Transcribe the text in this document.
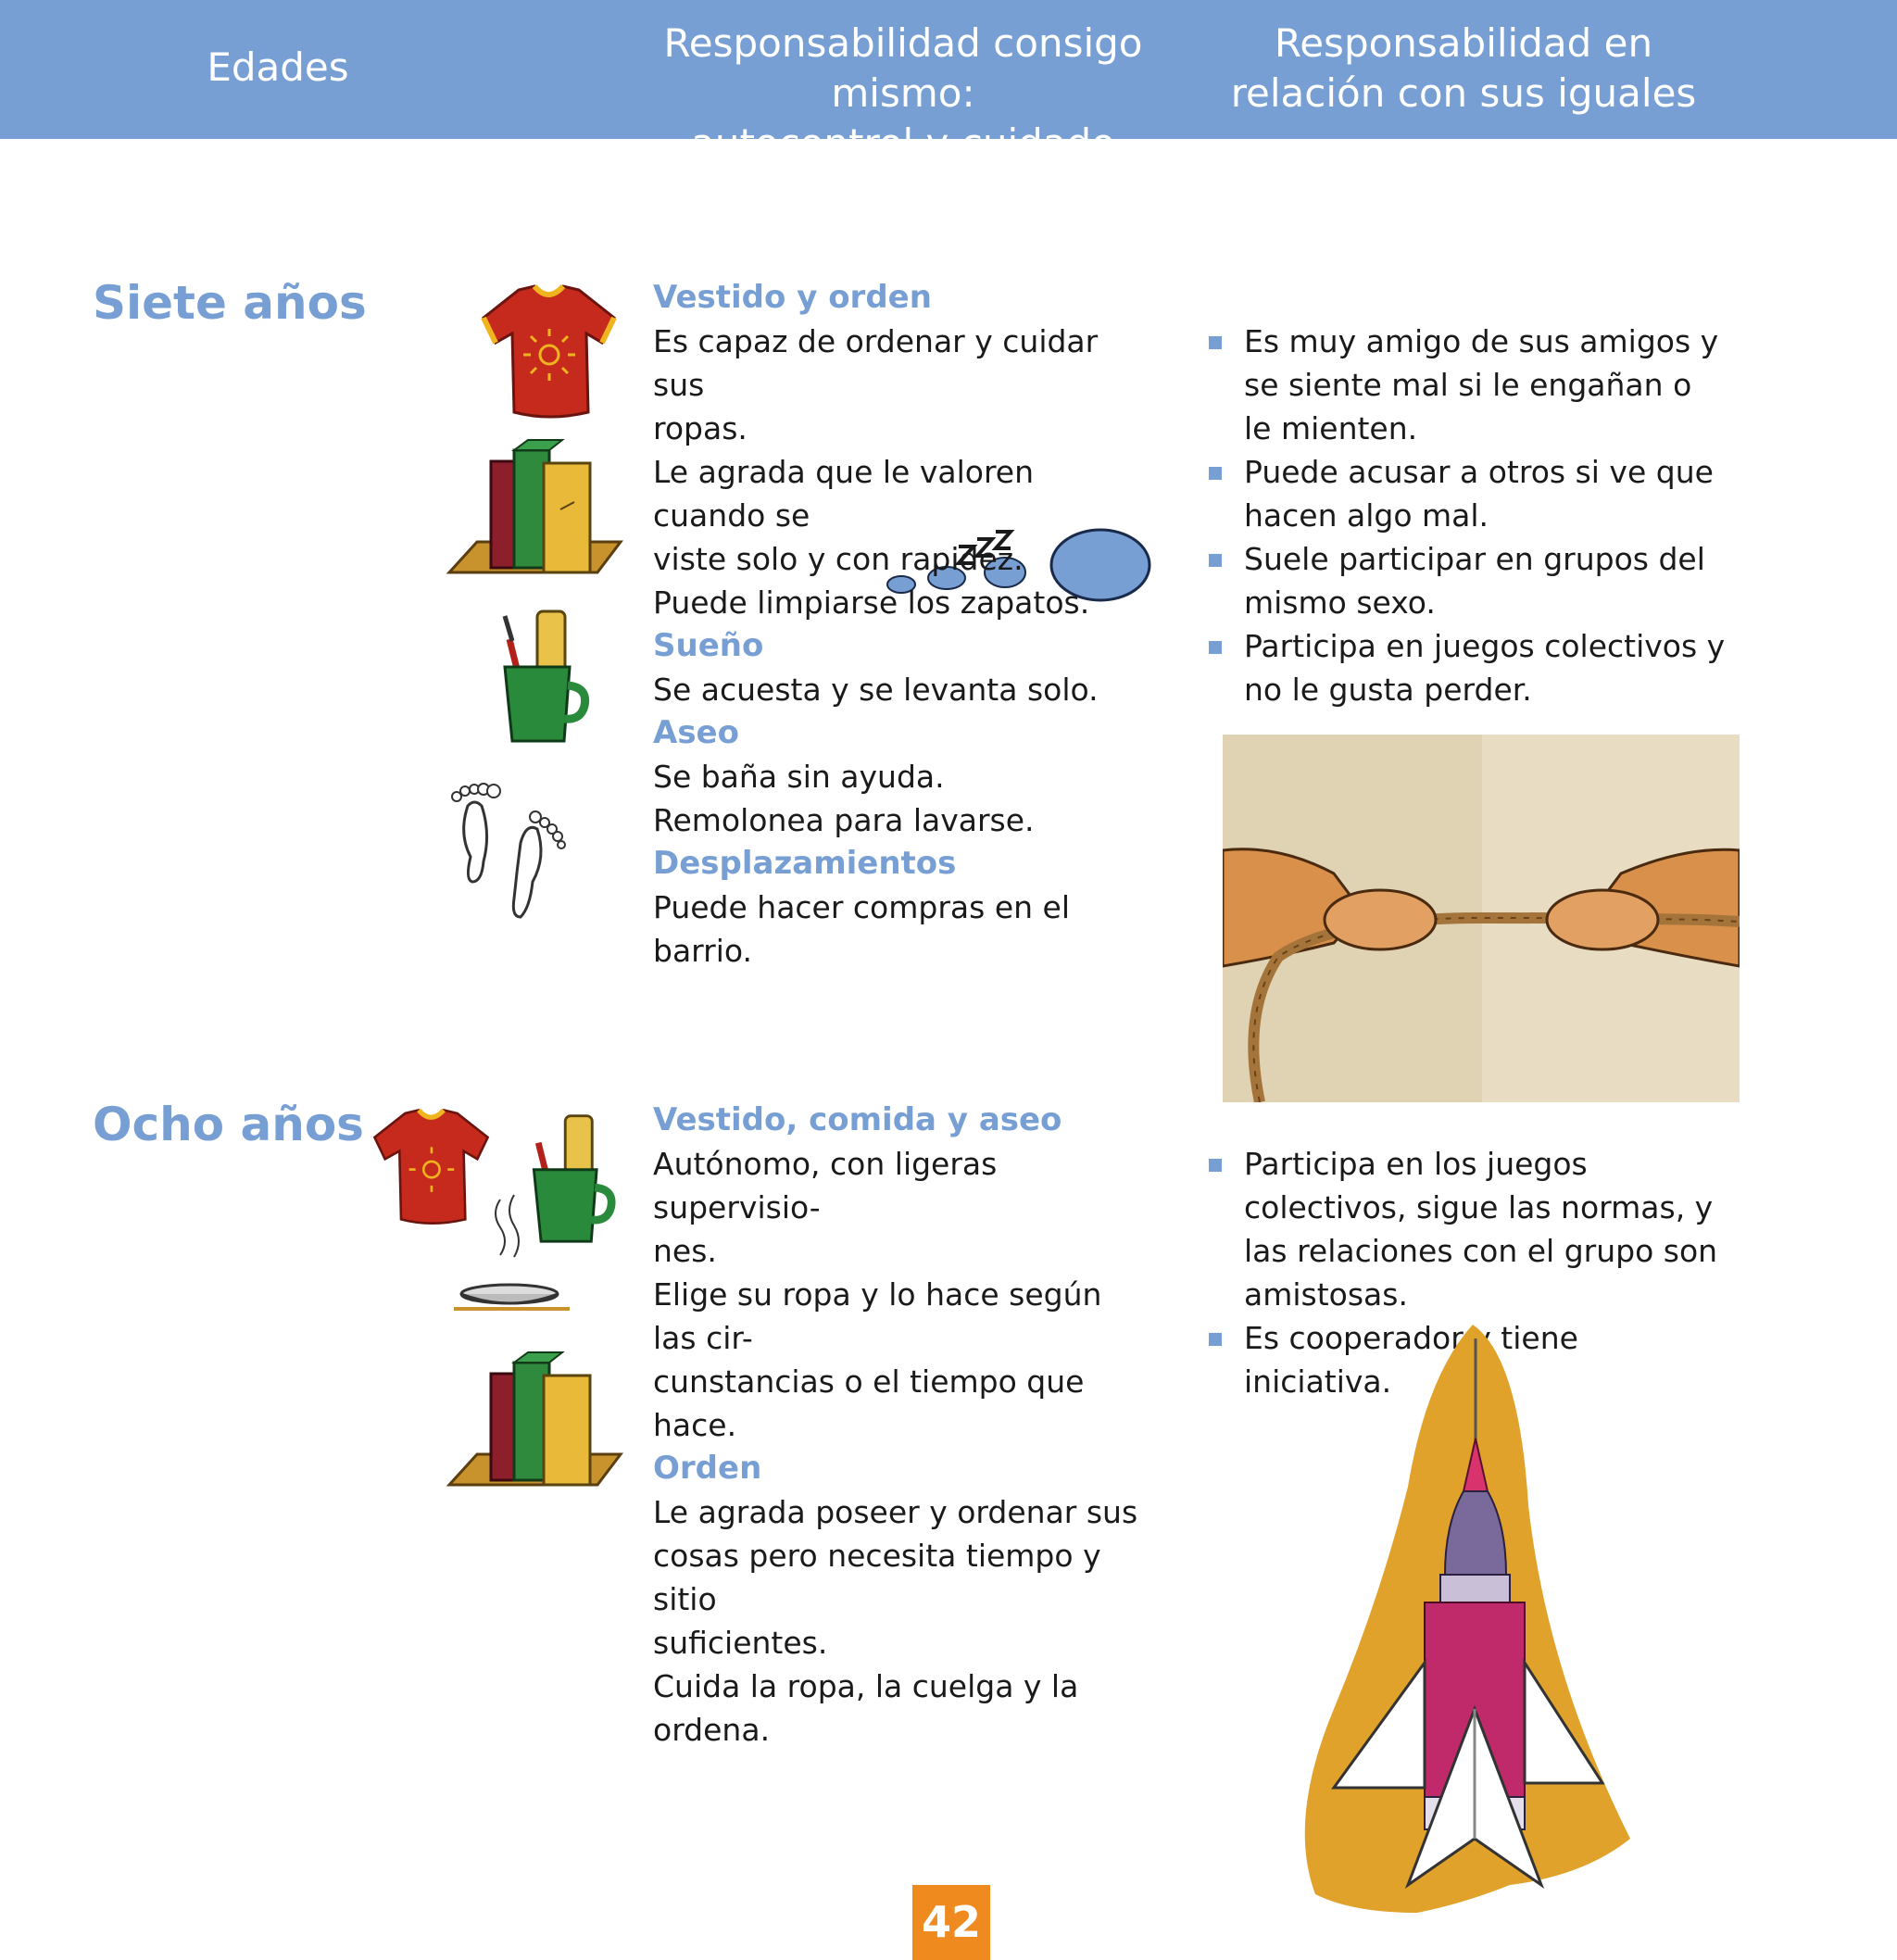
Edades
Responsabilidad consigo mismo:
autocontrol y cuidado
Responsabilidad en
relación con sus iguales
Siete años	Vestido y orden

Es capaz de ordenar y cuidar sus

ropas.

Le agrada que le valoren cuando se

viste solo y con rapidez.

Puede limpiarse los zapatos.

Sueño

Se acuesta y se levanta solo.

Aseo

Se baña sin ayuda.

Remolonea para lavarse.

Desplazamientos

Puede hacer compras en el barrio.

Es muy amigo de sus amigos y se siente mal si le engañan o le mienten.
Puede acusar a otros si ve que hacen algo mal.
Suele participar en grupos del mismo sexo.
Participa en juegos colectivos y no le gusta perder.
Ocho años	Vestido, comida y aseo

Autónomo, con ligeras supervisio-

nes.

Elige su ropa y lo hace según las cir-

cunstancias o el tiempo que hace.

Orden

Le agrada poseer y ordenar sus

cosas pero necesita tiempo y sitio

suficientes.

Cuida la ropa, la cuelga y la ordena.

Participa en los juegos colectivos, sigue las normas, y las relaciones con el grupo son amistosas.
Es cooperador y tiene iniciativa.
42
